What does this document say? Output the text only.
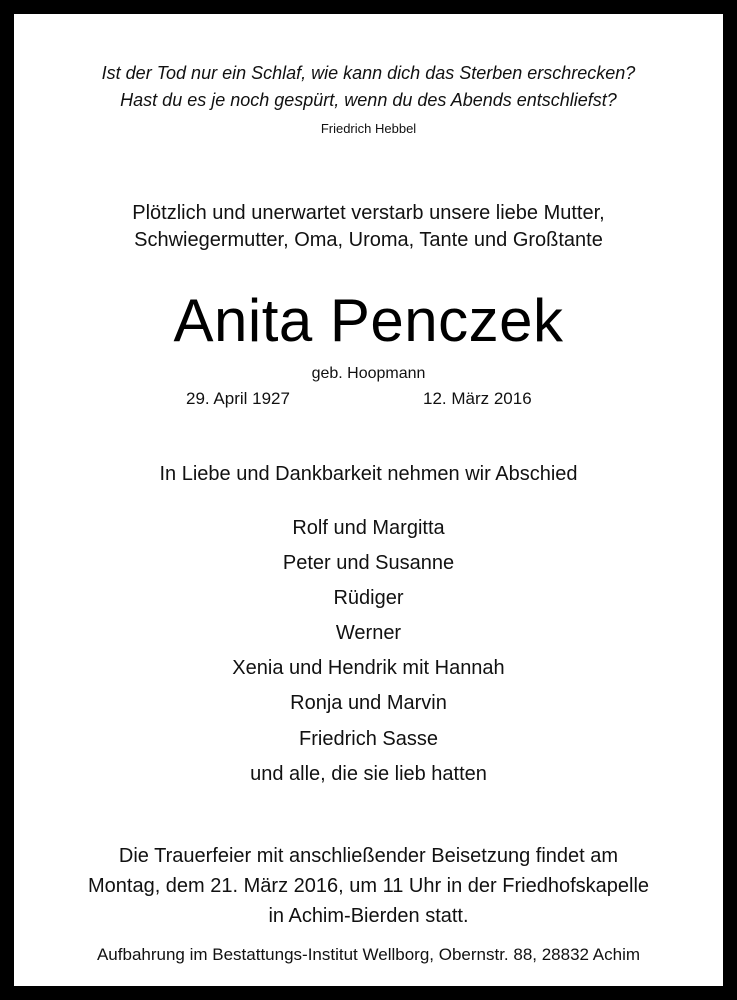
Ist der Tod nur ein Schlaf, wie kann dich das Sterben erschrecken?
Hast du es je noch gespürt, wenn du des Abends entschliefst?
Friedrich Hebbel
Plötzlich und unerwartet verstarb unsere liebe Mutter,
Schwiegermutter, Oma, Uroma, Tante und Großtante
Anita Penczek
geb. Hoopmann
29. April 1927	12. März 2016
In Liebe und Dankbarkeit nehmen wir Abschied
Rolf und Margitta
Peter und Susanne
Rüdiger
Werner
Xenia und Hendrik mit Hannah
Ronja und Marvin
Friedrich Sasse
und alle, die sie lieb hatten
Die Trauerfeier mit anschließender Beisetzung findet am
Montag, dem 21. März 2016, um 11 Uhr in der Friedhofskapelle
in Achim-Bierden statt.
Aufbahrung im Bestattungs-Institut Wellborg, Obernstr. 88, 28832 Achim
